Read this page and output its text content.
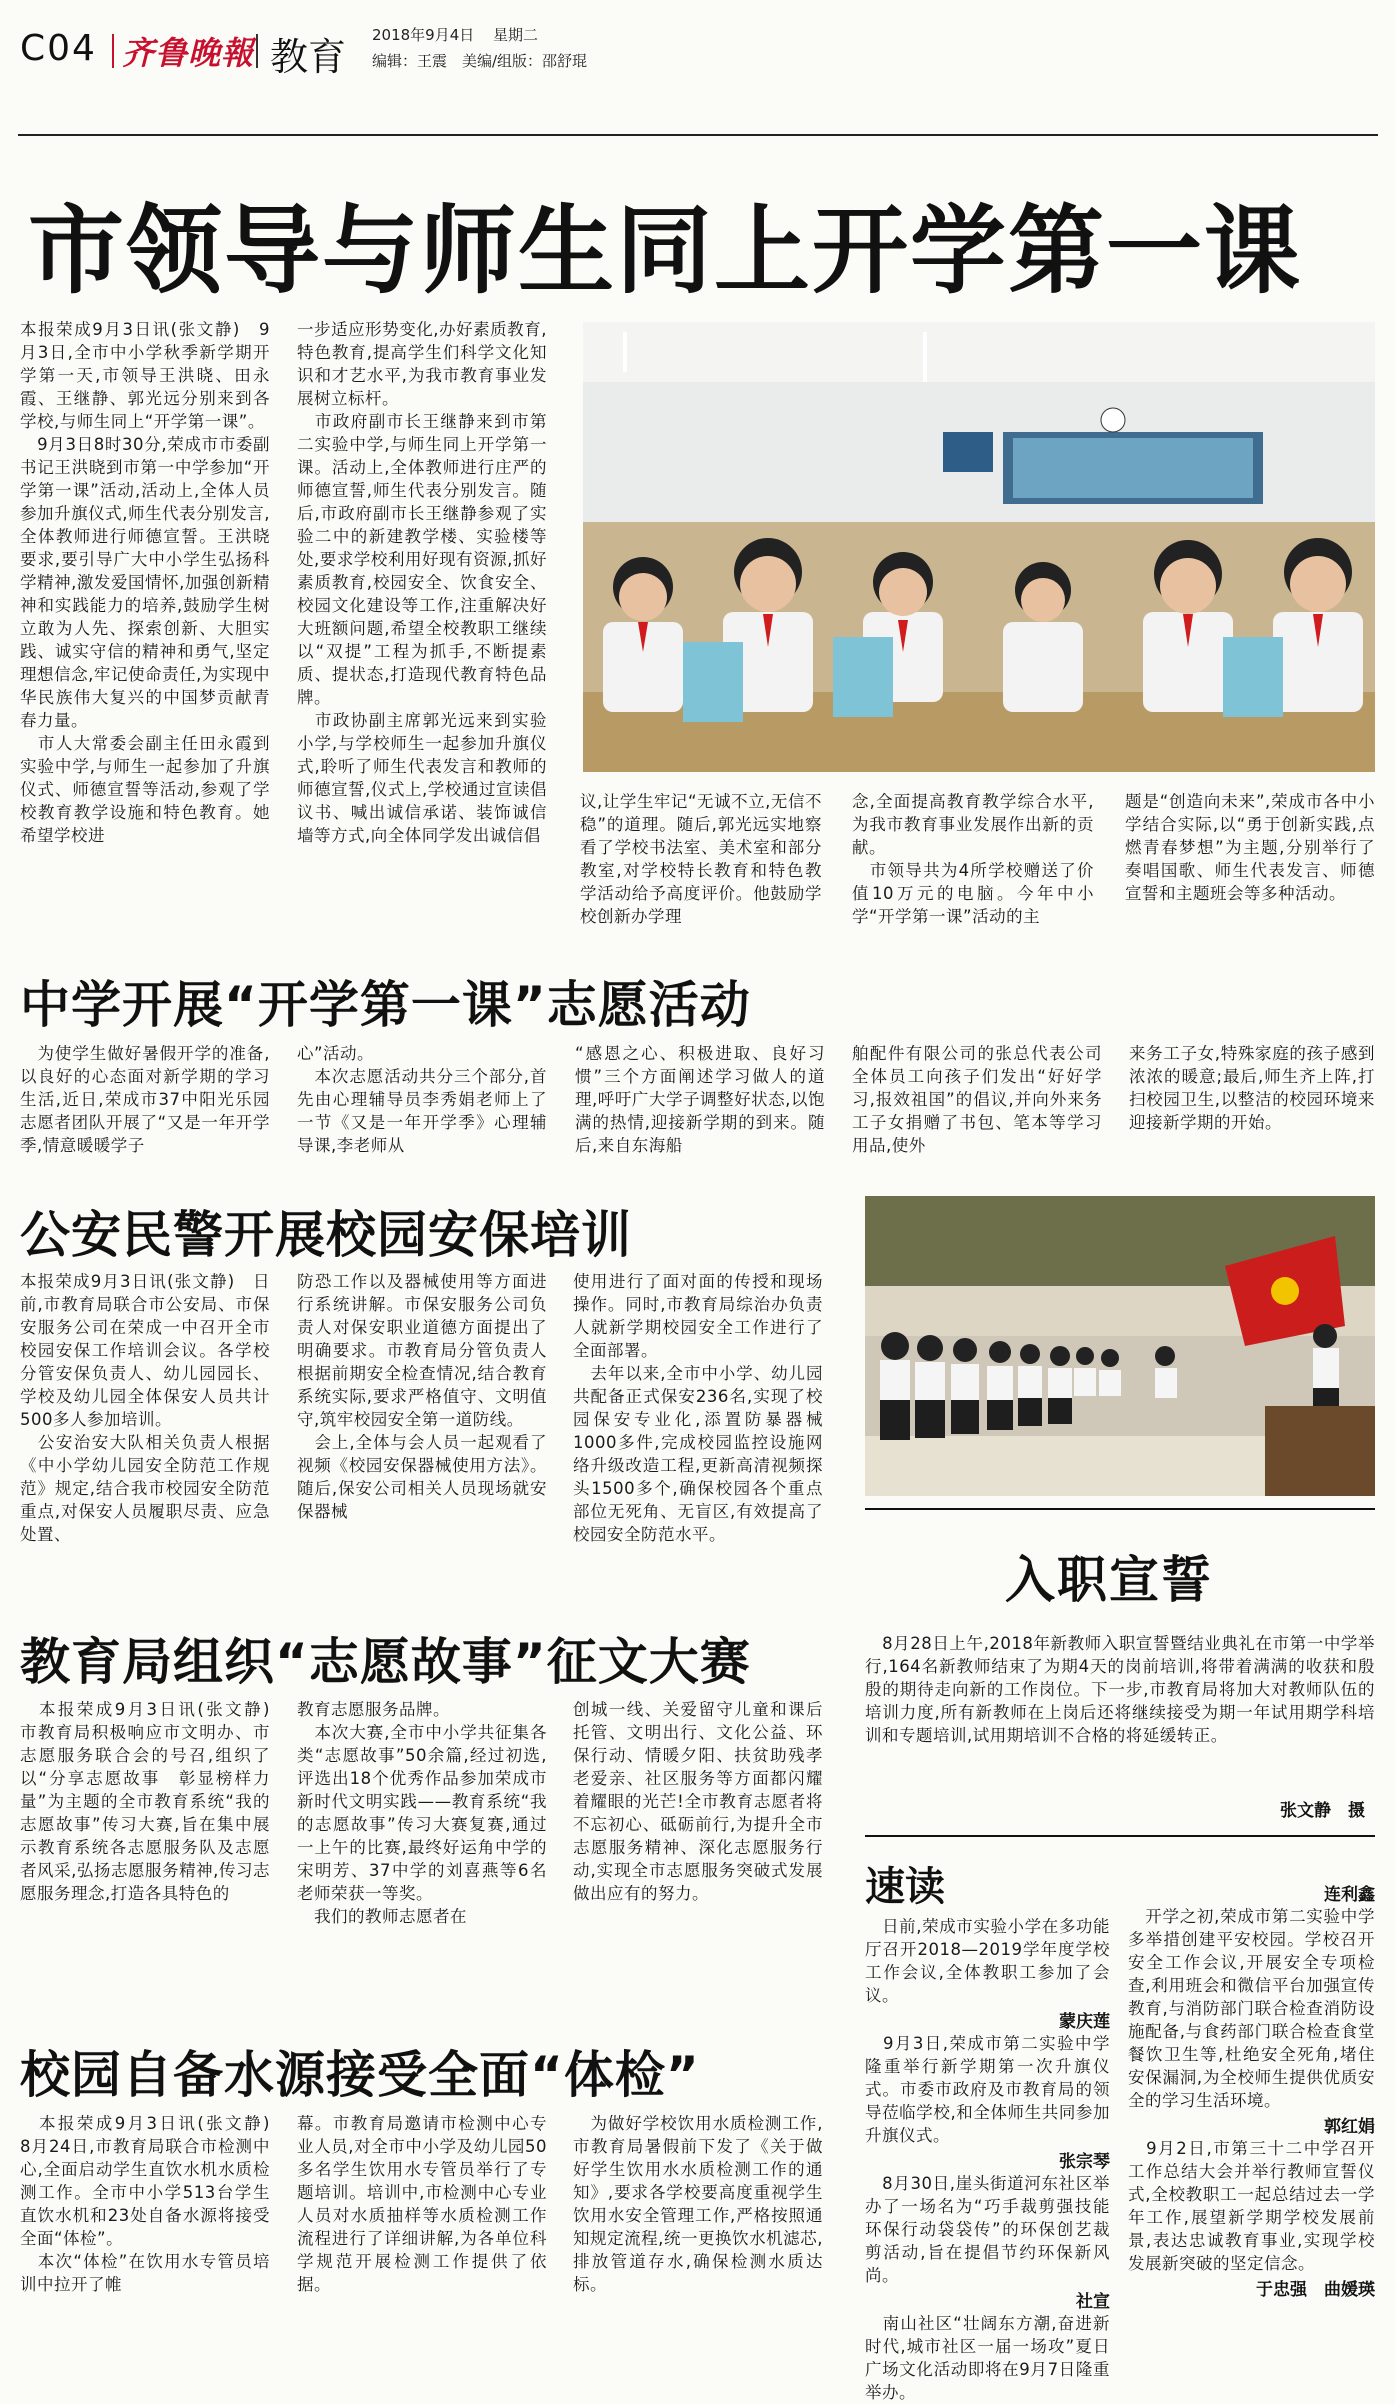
C04 齐鲁晚報 教育 2018年9月4日 星期二
编辑：王震　美编/组版：邵舒琨
市领导与师生同上开学第一课
本报荣成9月3日讯(张文静)　9月3日,全市中小学秋季新学期开学第一天,市领导王洪晓、田永霞、王继静、郭光远分别来到各学校,与师生同上“开学第一课”。
　9月3日8时30分,荣成市市委副书记王洪晓到市第一中学参加“开学第一课”活动,活动上,全体人员参加升旗仪式,师生代表分别发言,全体教师进行师德宣誓。王洪晓要求,要引导广大中小学生弘扬科学精神,激发爱国情怀,加强创新精神和实践能力的培养,鼓励学生树立敢为人先、探索创新、大胆实践、诚实守信的精神和勇气,坚定理想信念,牢记使命责任,为实现中华民族伟大复兴的中国梦贡献青春力量。
　市人大常委会副主任田永霞到实验中学,与师生一起参加了升旗仪式、师德宣誓等活动,参观了学校教育教学设施和特色教育。她希望学校进
一步适应形势变化,办好素质教育,特色教育,提高学生们科学文化知识和才艺水平,为我市教育事业发展树立标杆。
　市政府副市长王继静来到市第二实验中学,与师生同上开学第一课。活动上,全体教师进行庄严的师德宣誓,师生代表分别发言。随后,市政府副市长王继静参观了实验二中的新建教学楼、实验楼等处,要求学校利用好现有资源,抓好素质教育,校园安全、饮食安全、校园文化建设等工作,注重解决好大班额问题,希望全校教职工继续以“双提”工程为抓手,不断提素质、提状态,打造现代教育特色品牌。
　市政协副主席郭光远来到实验小学,与学校师生一起参加升旗仪式,聆听了师生代表发言和教师的师德宣誓,仪式上,学校通过宣读倡议书、喊出诚信承诺、装饰诚信墙等方式,向全体同学发出诚信倡
议,让学生牢记“无诚不立,无信不稳”的道理。随后,郭光远实地察看了学校书法室、美术室和部分教室,对学校特长教育和特色教学活动给予高度评价。他鼓励学校创新办学理
念,全面提高教育教学综合水平,为我市教育事业发展作出新的贡献。
　市领导共为4所学校赠送了价值10万元的电脑。今年中小学“开学第一课”活动的主
题是“创造向未来”,荣成市各中小学结合实际,以“勇于创新实践,点燃青春梦想”为主题,分别举行了奏唱国歌、师生代表发言、师德宣誓和主题班会等多种活动。
中学开展“开学第一课”志愿活动
　为使学生做好暑假开学的准备,以良好的心态面对新学期的学习生活,近日,荣成市37中阳光乐园志愿者团队开展了“又是一年开学季,情意暖暖学子
心”活动。
　本次志愿活动共分三个部分,首先由心理辅导员李秀娟老师上了一节《又是一年开学季》心理辅导课,李老师从
“感恩之心、积极进取、良好习惯”三个方面阐述学习做人的道理,呼吁广大学子调整好状态,以饱满的热情,迎接新学期的到来。随后,来自东海船
舶配件有限公司的张总代表公司全体员工向孩子们发出“好好学习,报效祖国”的倡议,并向外来务工子女捐赠了书包、笔本等学习用品,使外
来务工子女,特殊家庭的孩子感到浓浓的暖意;最后,师生齐上阵,打扫校园卫生,以整洁的校园环境来迎接新学期的开始。
公安民警开展校园安保培训
本报荣成9月3日讯(张文静)　日前,市教育局联合市公安局、市保安服务公司在荣成一中召开全市校园安保工作培训会议。各学校分管安保负责人、幼儿园园长、学校及幼儿园全体保安人员共计500多人参加培训。
　公安治安大队相关负责人根据《中小学幼儿园安全防范工作规范》规定,结合我市校园安全防范重点,对保安人员履职尽责、应急处置、
防恐工作以及器械使用等方面进行系统讲解。市保安服务公司负责人对保安职业道德方面提出了明确要求。市教育局分管负责人根据前期安全检查情况,结合教育系统实际,要求严格值守、文明值守,筑牢校园安全第一道防线。
　会上,全体与会人员一起观看了视频《校园安保器械使用方法》。随后,保安公司相关人员现场就安保器械
使用进行了面对面的传授和现场操作。同时,市教育局综治办负责人就新学期校园安全工作进行了全面部署。
　去年以来,全市中小学、幼儿园共配备正式保安236名,实现了校园保安专业化,添置防暴器械1000多件,完成校园监控设施网络升级改造工程,更新高清视频探头1500多个,确保校园各个重点部位无死角、无盲区,有效提高了校园安全防范水平。
入职宣誓
　8月28日上午,2018年新教师入职宣誓暨结业典礼在市第一中学举行,164名新教师结束了为期4天的岗前培训,将带着满满的收获和殷殷的期待走向新的工作岗位。下一步,市教育局将加大对教师队伍的培训力度,所有新教师在上岗后还将继续接受为期一年试用期学科培训和专题培训,试用期培训不合格的将延缓转正。
张文静　摄
教育局组织“志愿故事”征文大赛
　本报荣成9月3日讯(张文静)　市教育局积极响应市文明办、市志愿服务联合会的号召,组织了以“分享志愿故事　彰显榜样力量”为主题的全市教育系统“我的志愿故事”传习大赛,旨在集中展示教育系统各志愿服务队及志愿者风采,弘扬志愿服务精神,传习志愿服务理念,打造各具特色的
教育志愿服务品牌。
　本次大赛,全市中小学共征集各类“志愿故事”50余篇,经过初选,评选出18个优秀作品参加荣成市新时代文明实践——教育系统“我的志愿故事”传习大赛复赛,通过一上午的比赛,最终好运角中学的宋明芳、37中学的刘喜燕等6名老师荣获一等奖。
　我们的教师志愿者在
创城一线、关爱留守儿童和课后托管、文明出行、文化公益、环保行动、情暖夕阳、扶贫助残孝老爱亲、社区服务等方面都闪耀着耀眼的光芒!全市教育志愿者将不忘初心、砥砺前行,为提升全市志愿服务精神、深化志愿服务行动,实现全市志愿服务突破式发展做出应有的努力。
校园自备水源接受全面“体检”
　本报荣成9月3日讯(张文静)　8月24日,市教育局联合市检测中心,全面启动学生直饮水机水质检测工作。全市中小学513台学生直饮水机和23处自备水源将接受全面“体检”。
　本次“体检”在饮用水专管员培训中拉开了帷
幕。市教育局邀请市检测中心专业人员,对全市中小学及幼儿园50多名学生饮用水专管员举行了专题培训。培训中,市检测中心专业人员对水质抽样等水质检测工作流程进行了详细讲解,为各单位科学规范开展检测工作提供了依据。
　为做好学校饮用水质检测工作,市教育局暑假前下发了《关于做好学生饮用水水质检测工作的通知》,要求各学校要高度重视学生饮用水安全管理工作,严格按照通知规定流程,统一更换饮水机滤芯,排放管道存水,确保检测水质达标。
速读
　日前,荣成市实验小学在多功能厅召开2018—2019学年度学校工作会议,全体教职工参加了会议。
蒙庆莲
　9月3日,荣成市第二实验中学隆重举行新学期第一次升旗仪式。市委市政府及市教育局的领导莅临学校,和全体师生共同参加升旗仪式。
张宗琴
　8月30日,崖头街道河东社区举办了一场名为“巧手裁剪强技能　环保行动袋袋传”的环保创艺裁剪活动,旨在提倡节约环保新风尚。
社宣
　南山社区“壮阔东方潮,奋进新时代,城市社区一届一场攻”夏日广场文化活动即将在9月7日隆重举办。
连利鑫
　开学之初,荣成市第二实验中学多举措创建平安校园。学校召开安全工作会议,开展安全专项检查,利用班会和微信平台加强宣传教育,与消防部门联合检查消防设施配备,与食药部门联合检查食堂餐饮卫生等,杜绝安全死角,堵住安保漏洞,为全校师生提供优质安全的学习生活环境。
郭红娟
　9月2日,市第三十二中学召开工作总结大会并举行教师宣誓仪式,全校教职工一起总结过去一学年工作,展望新学期学校发展前景,表达忠诚教育事业,实现学校发展新突破的坚定信念。
于忠强　曲媛瑛
